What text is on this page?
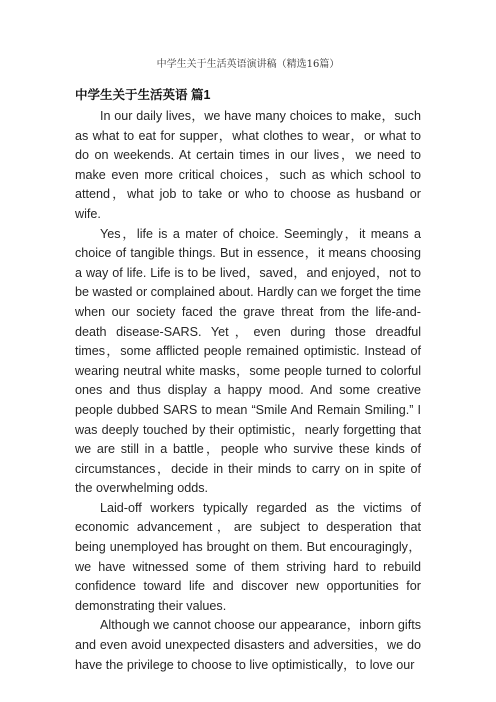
中学生关于生活英语演讲稿（精选16篇）
中学生关于生活英语 篇1

In our daily lives，we have many choices to make，such as what to eat for supper，what clothes to wear，or what to do on weekends. At certain times in our lives，we need to make even more critical choices，such as which school to attend，what job to take or who to choose as husband or wife.

Yes，life is a mater of choice. Seemingly，it means a choice of tangible things. But in essence，it means choosing a way of life. Life is to be lived，saved，and enjoyed，not to be wasted or complained about. Hardly can we forget the time when our society faced the grave threat from the life-and-death disease-SARS. Yet，even during those dreadful times，some afflicted people remained optimistic. Instead of wearing neutral white masks，some people turned to colorful ones and thus display a happy mood. And some creative people dubbed SARS to mean “Smile And Remain Smiling.” I was deeply touched by their optimistic，nearly forgetting that we are still in a battle，people who survive these kinds of circumstances，decide in their minds to carry on in spite of the overwhelming odds.

Laid-off workers typically regarded as the victims of economic advancement，are subject to desperation that being unemployed has brought on them. But encouragingly，we have witnessed some of them striving hard to rebuild confidence toward life and discover new opportunities for demonstrating their values.

Although we cannot choose our appearance，inborn gifts and even avoid unexpected disasters and adversities，we do have the privilege to choose to live optimistically，to love our
